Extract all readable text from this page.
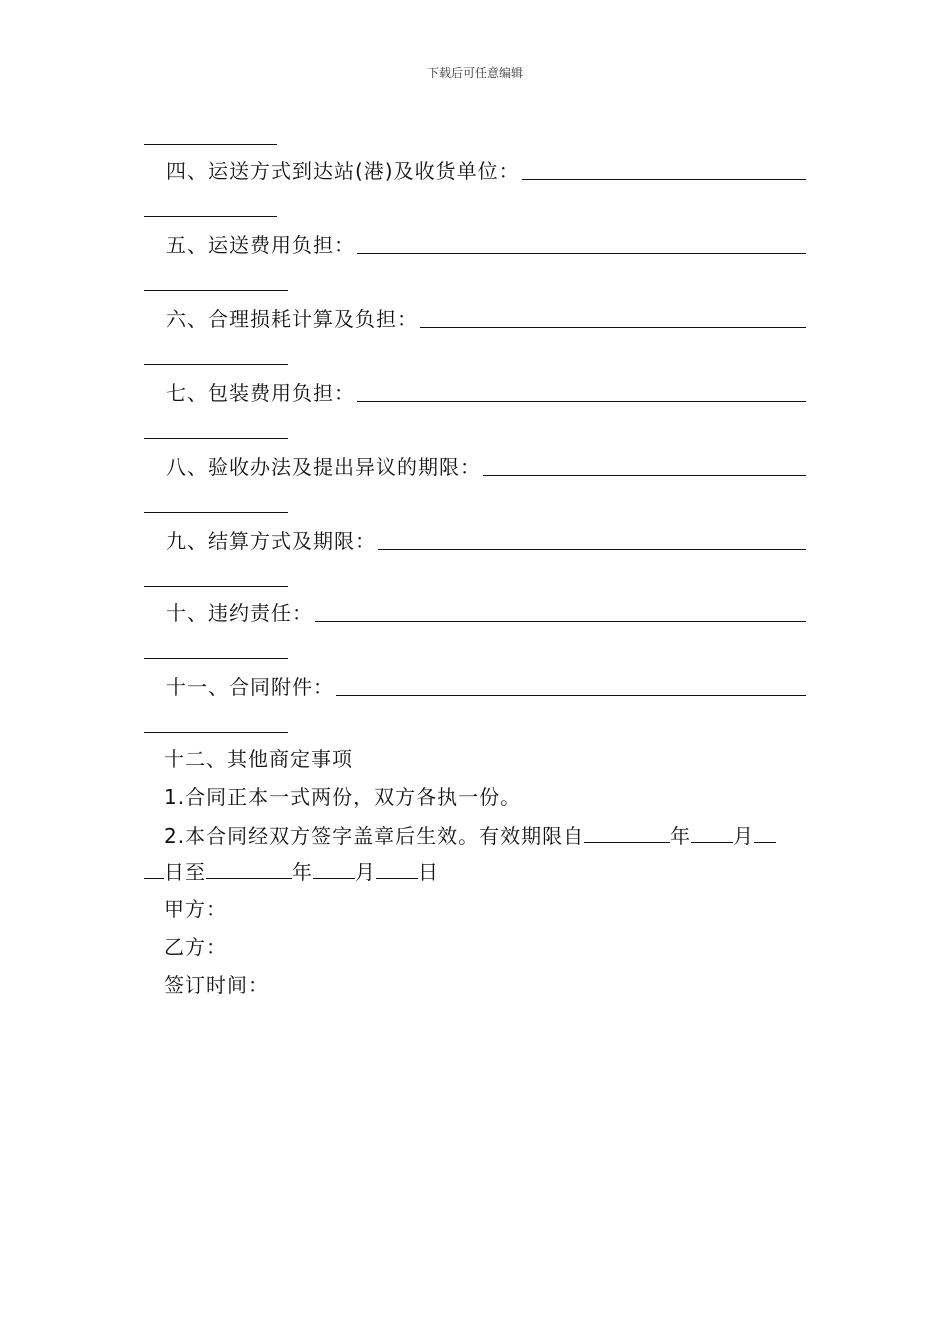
下载后可任意编辑
四、运送方式到达站(港)及收货单位：
五、运送费用负担：
六、合理损耗计算及负担：
七、包装费用负担：
八、验收办法及提出异议的期限：
九、结算方式及期限：
十、违约责任：
十一、合同附件：
十二、其他商定事项
1.合同正本一式两份，双方各执一份。
2.本合同经双方签字盖章后生效。有效期限自	年 月
日至	年 月 日
甲方：
乙方：
签订时间：
